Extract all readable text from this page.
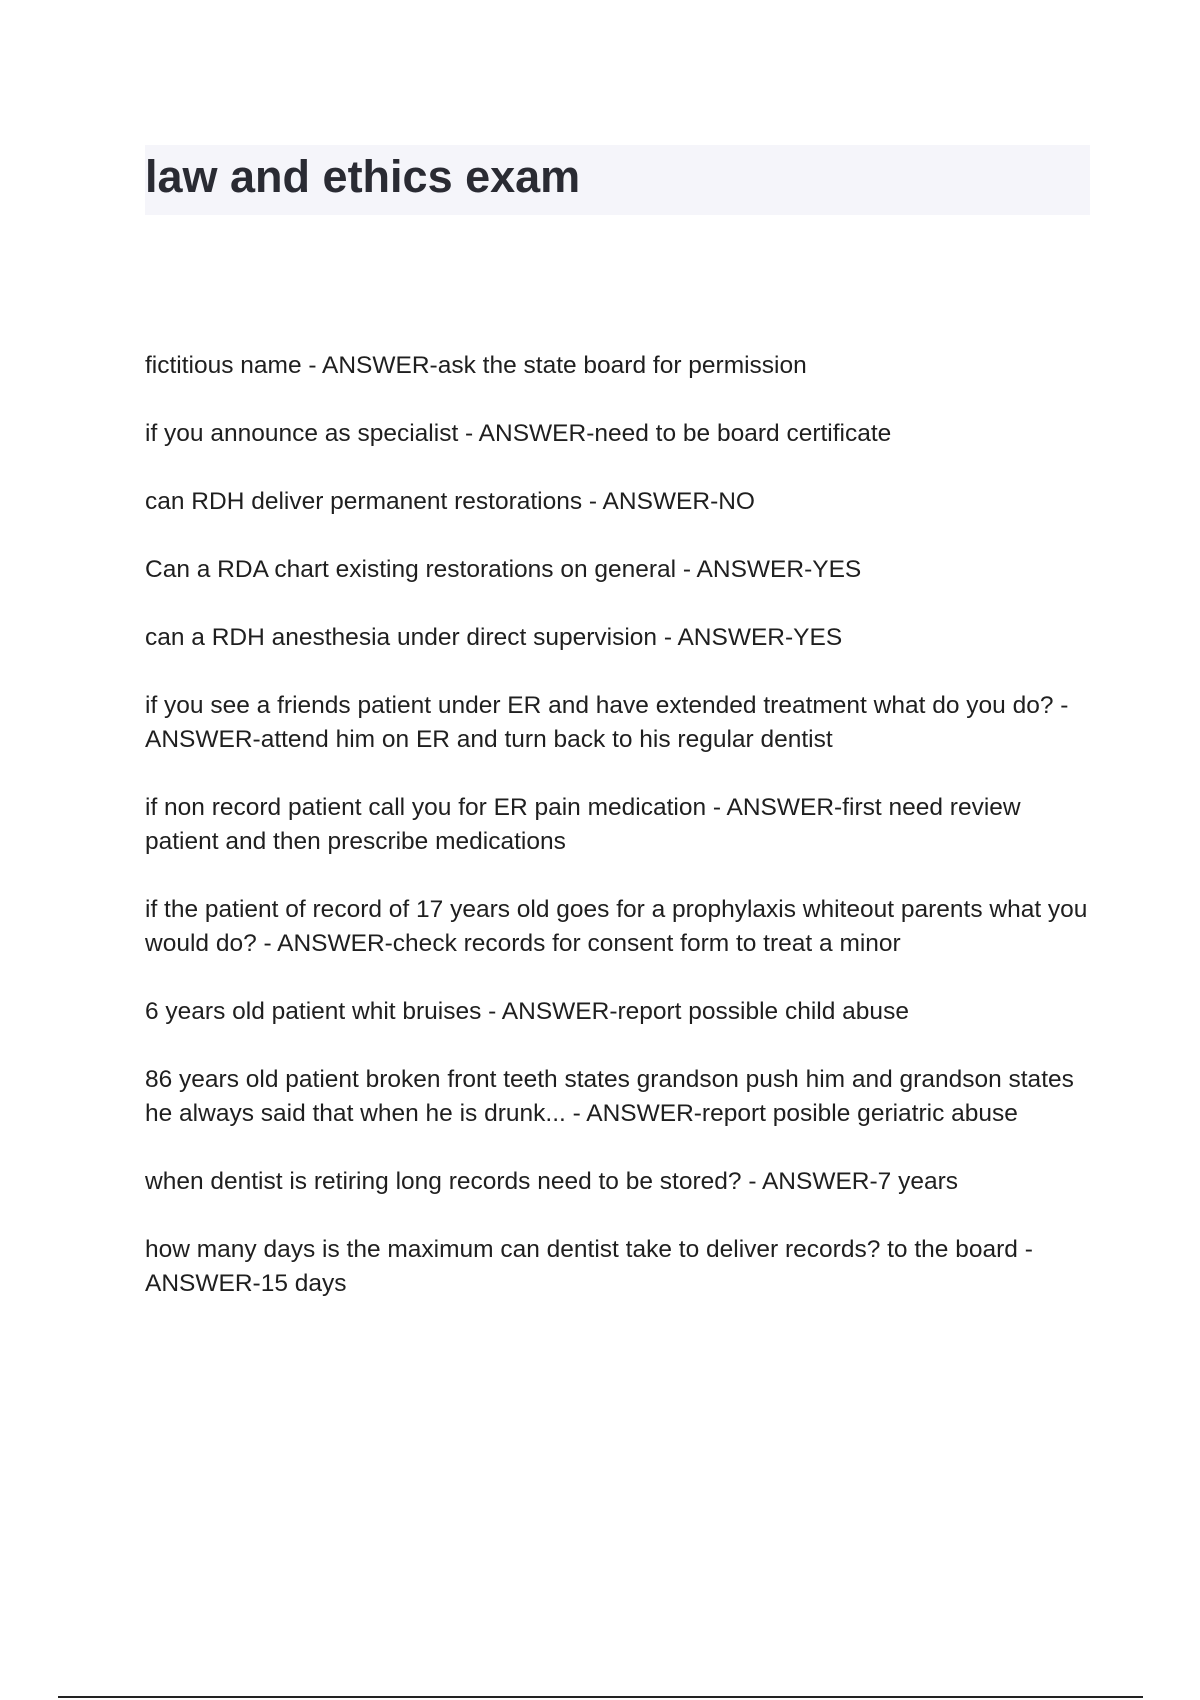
law and ethics exam
fictitious name - ANSWER-ask the state board for permission
if you announce as specialist - ANSWER-need to be board certificate
can RDH deliver permanent restorations - ANSWER-NO
Can a RDA chart existing restorations on general - ANSWER-YES
can a RDH anesthesia under direct supervision - ANSWER-YES
if you see a friends patient under ER and have extended treatment what do you do? - ANSWER-attend him on ER and turn back to his regular dentist
if non record patient call you for ER pain medication - ANSWER-first need review patient and then prescribe medications
if the patient of record of 17 years old goes for a prophylaxis whiteout parents what you would do? - ANSWER-check records for consent form to treat a minor
6 years old patient whit bruises - ANSWER-report possible child abuse
86 years old patient broken front teeth states grandson push him and grandson states he always said that when he is drunk... - ANSWER-report posible geriatric abuse
when dentist is retiring long records need to be stored? - ANSWER-7 years
how many days is the maximum can dentist take to deliver records? to the board - ANSWER-15 days
